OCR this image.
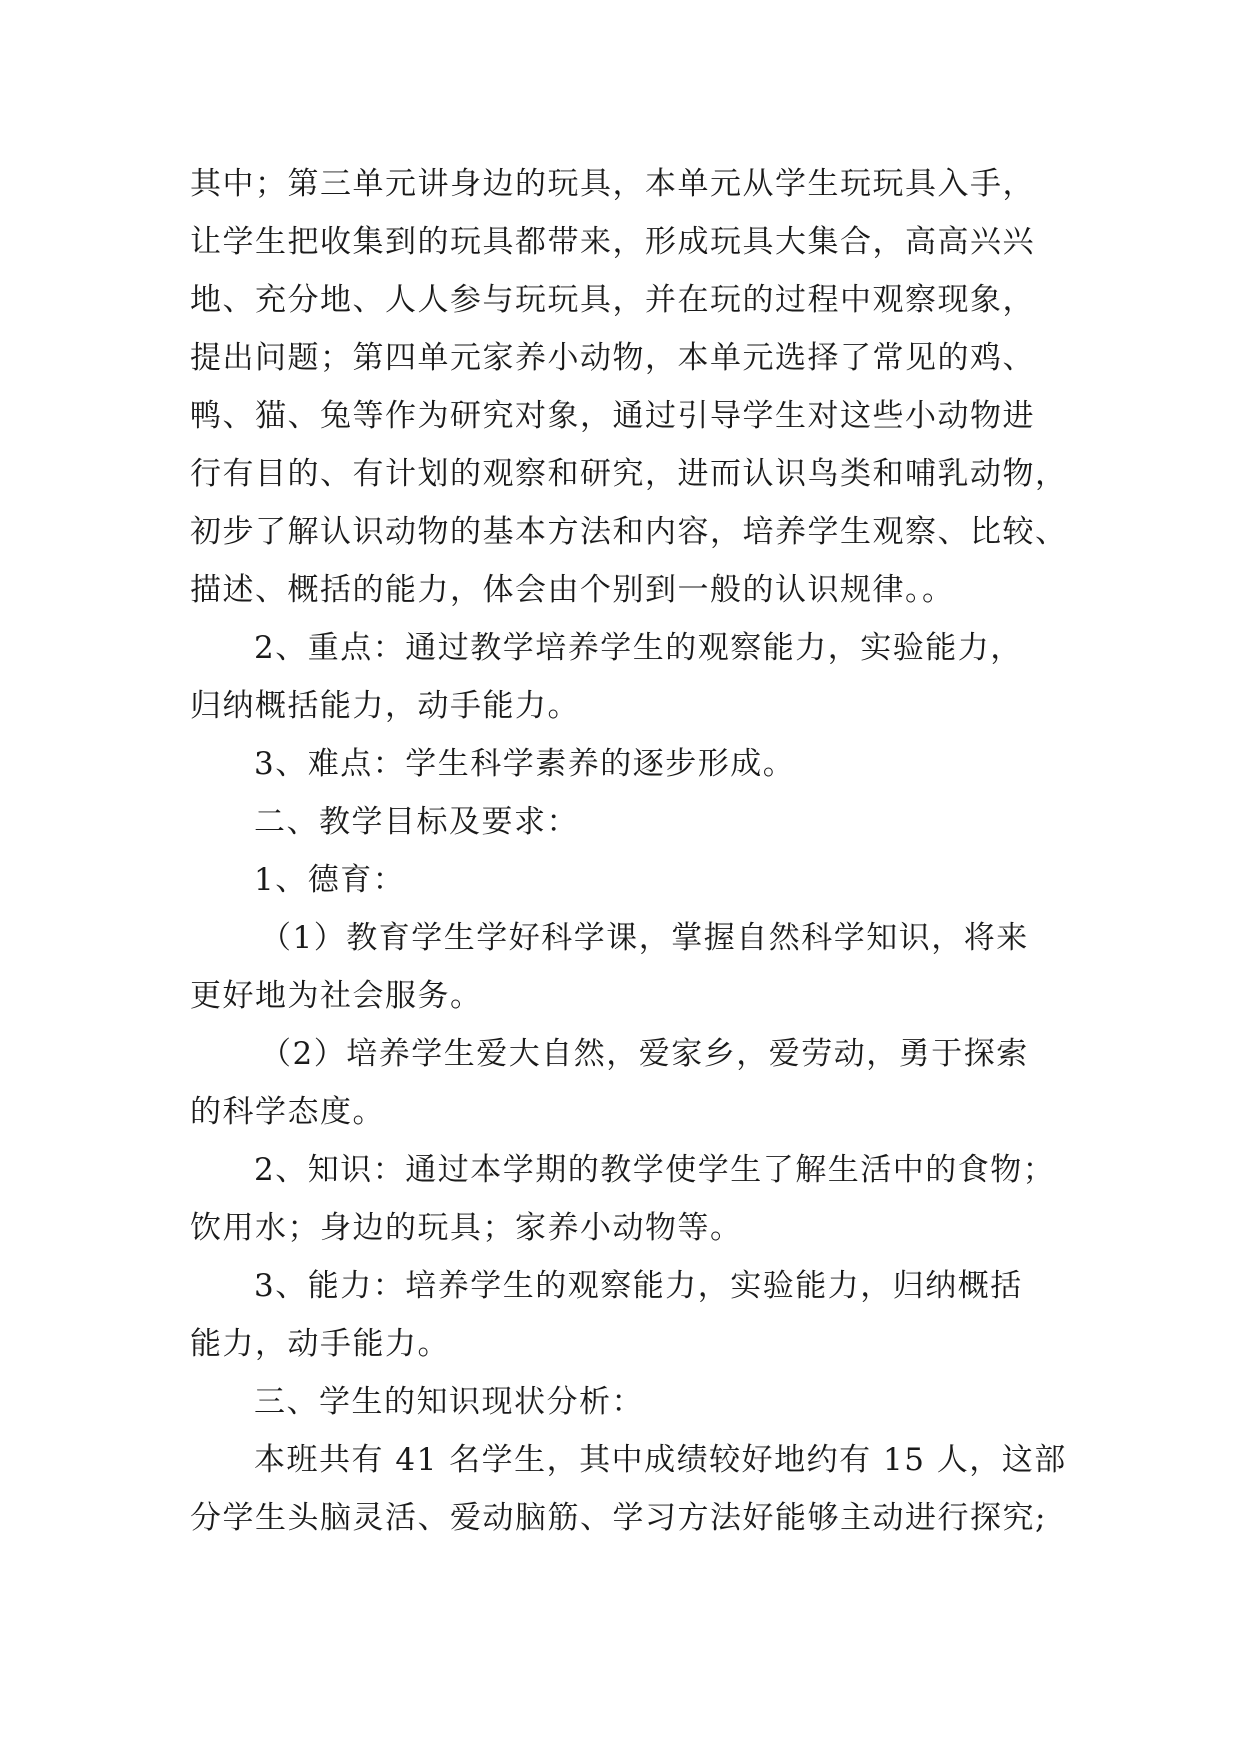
其中；第三单元讲身边的玩具，本单元从学生玩玩具入手，
让学生把收集到的玩具都带来，形成玩具大集合，高高兴兴
地、充分地、人人参与玩玩具，并在玩的过程中观察现象，
提出问题；第四单元家养小动物，本单元选择了常见的鸡、
鸭、猫、兔等作为研究对象，通过引导学生对这些小动物进
行有目的、有计划的观察和研究，进而认识鸟类和哺乳动物，
初步了解认识动物的基本方法和内容，培养学生观察、比较、
描述、概括的能力，体会由个别到一般的认识规律。。
2、重点：通过教学培养学生的观察能力，实验能力，
归纳概括能力，动手能力。
3、难点：学生科学素养的逐步形成。
二、教学目标及要求：
1、德育：
（1）教育学生学好科学课，掌握自然科学知识，将来
更好地为社会服务。
（2）培养学生爱大自然，爱家乡，爱劳动，勇于探索
的科学态度。
2、知识：通过本学期的教学使学生了解生活中的食物；
饮用水；身边的玩具；家养小动物等。
3、能力：培养学生的观察能力，实验能力，归纳概括
能力，动手能力。
三、学生的知识现状分析：
本班共有 41 名学生，其中成绩较好地约有 15 人，这部
分学生头脑灵活、爱动脑筋、学习方法好能够主动进行探究;
